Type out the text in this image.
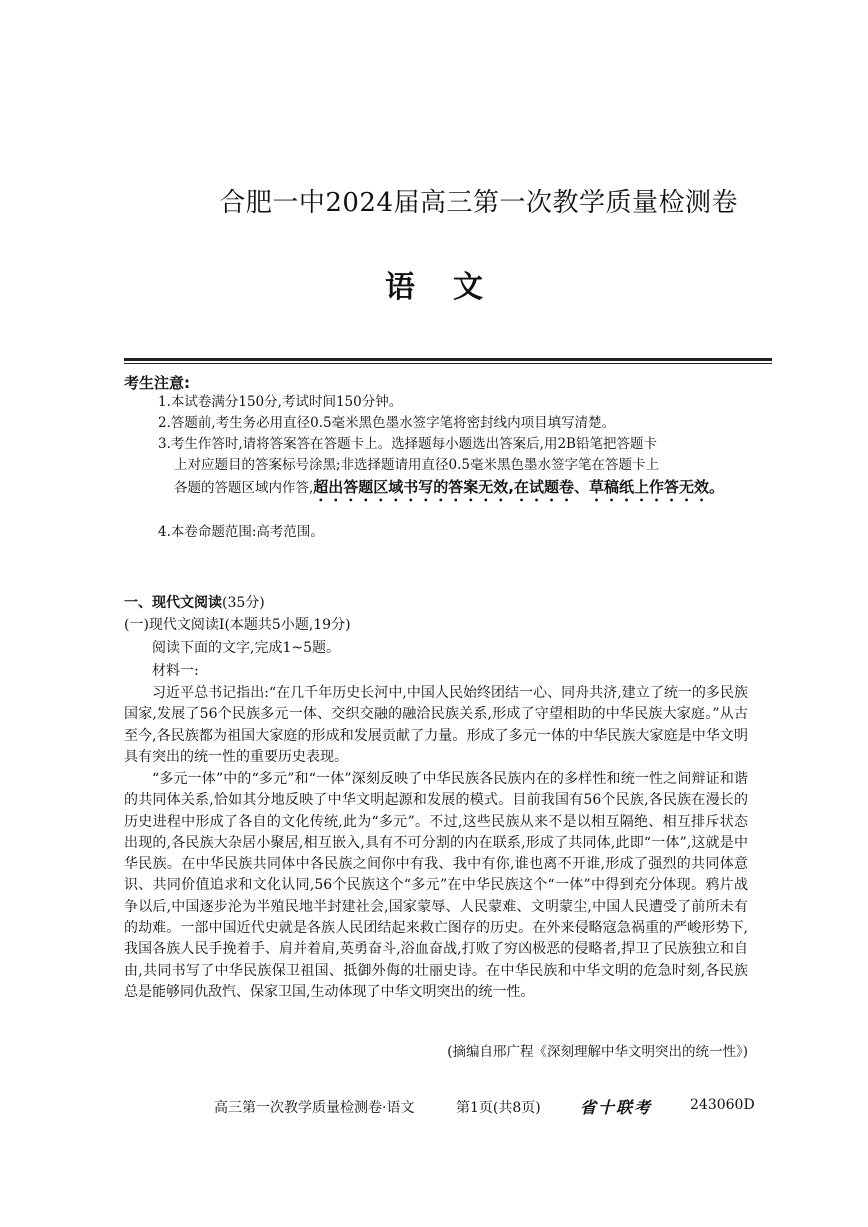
合肥一中2024届高三第一次教学质量检测卷
语文
考生注意:
1.本试卷满分150分,考试时间150分钟。
2.答题前,考生务必用直径0.5毫米黑色墨水签字笔将密封线内项目填写清楚。
3.考生作答时,请将答案答在答题卡上。选择题每小题选出答案后,用2B铅笔把答题卡
上对应题目的答案标号涂黑;非选择题请用直径0.5毫米黑色墨水签字笔在答题卡上
各题的答题区域内作答,超出答题区域书写的答案无效,在试题卷、草稿纸上作答无效。
4.本卷命题范围:高考范围。
一、现代文阅读(35分)
(一)现代文阅读Ⅰ(本题共5小题,19分)
阅读下面的文字,完成1~5题。
材料一:
习近平总书记指出:“在几千年历史长河中,中国人民始终团结一心、同舟共济,建立了统一的多民族国家,发展了56个民族多元一体、交织交融的融洽民族关系,形成了守望相助的中华民族大家庭。”从古至今,各民族都为祖国大家庭的形成和发展贡献了力量。形成了多元一体的中华民族大家庭是中华文明具有突出的统一性的重要历史表现。
“多元一体”中的“多元”和“一体”深刻反映了中华民族各民族内在的多样性和统一性之间辩证和谐的共同体关系,恰如其分地反映了中华文明起源和发展的模式。目前我国有56个民族,各民族在漫长的历史进程中形成了各自的文化传统,此为“多元”。不过,这些民族从来不是以相互隔绝、相互排斥状态出现的,各民族大杂居小聚居,相互嵌入,具有不可分割的内在联系,形成了共同体,此即“一体”,这就是中华民族。在中华民族共同体中各民族之间你中有我、我中有你,谁也离不开谁,形成了强烈的共同体意识、共同价值追求和文化认同,56个民族这个“多元”在中华民族这个“一体”中得到充分体现。鸦片战争以后,中国逐步沦为半殖民地半封建社会,国家蒙辱、人民蒙难、文明蒙尘,中国人民遭受了前所未有的劫难。一部中国近代史就是各族人民团结起来救亡图存的历史。在外来侵略寇急祸重的严峻形势下,我国各族人民手挽着手、肩并着肩,英勇奋斗,浴血奋战,打败了穷凶极恶的侵略者,捍卫了民族独立和自由,共同书写了中华民族保卫祖国、抵御外侮的壮丽史诗。在中华民族和中华文明的危急时刻,各民族总是能够同仇敌忾、保家卫国,生动体现了中华文明突出的统一性。
(摘编自邢广程《深刻理解中华文明突出的统一性》)
高三第一次教学质量检测卷·语文	第1页(共8页) 省十联考	243060D
